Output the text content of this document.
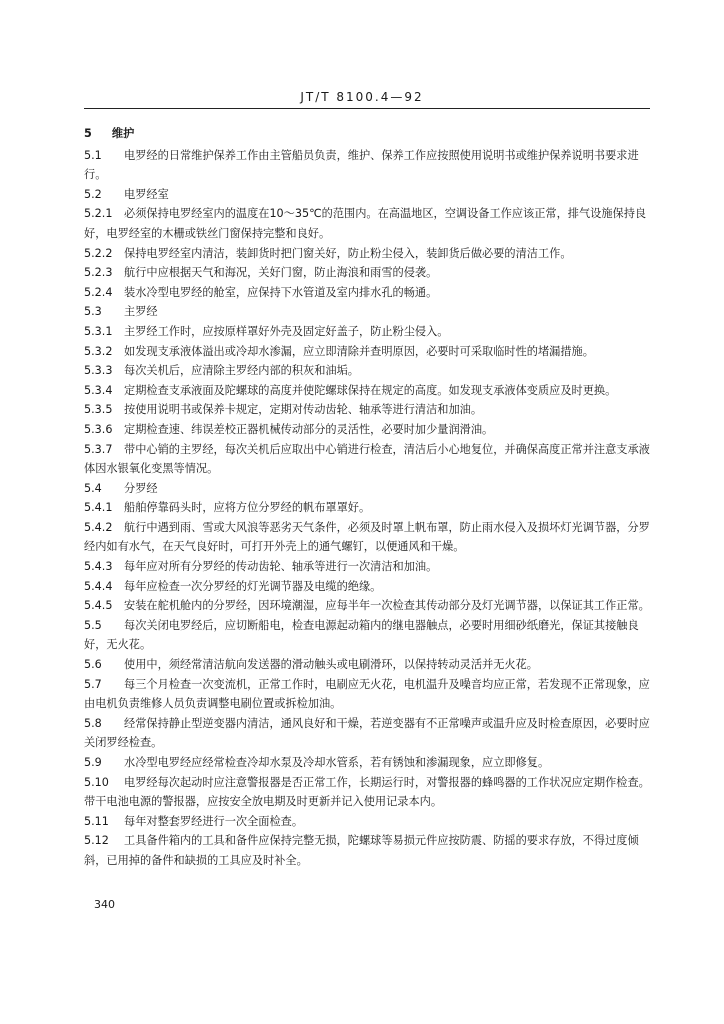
JT/T 8100.4—92
5 维护

5.1 电罗经的日常维护保养工作由主管船员负责，维护、保养工作应按照使用说明书或维护保养说明书要求进行。

5.2 电罗经室

5.2.1 必须保持电罗经室内的温度在10～35℃的范围内。在高温地区，空调设备工作应该正常，排气设施保持良好，电罗经室的木栅或铁丝门窗保持完整和良好。

5.2.2 保持电罗经室内清洁，装卸货时把门窗关好，防止粉尘侵入，装卸货后做必要的清洁工作。

5.2.3 航行中应根据天气和海况，关好门窗，防止海浪和雨雪的侵袭。

5.2.4 装水冷型电罗经的舱室，应保持下水管道及室内排水孔的畅通。

5.3 主罗经

5.3.1 主罗经工作时，应按原样罩好外壳及固定好盖子，防止粉尘侵入。

5.3.2 如发现支承液体溢出或冷却水渗漏，应立即清除并查明原因，必要时可采取临时性的堵漏措施。

5.3.3 每次关机后，应清除主罗经内部的积灰和油垢。

5.3.4 定期检查支承液面及陀螺球的高度并使陀螺球保持在规定的高度。如发现支承液体变质应及时更换。

5.3.5 按使用说明书或保养卡规定，定期对传动齿轮、轴承等进行清洁和加油。

5.3.6 定期检查速、纬误差校正器机械传动部分的灵活性，必要时加少量润滑油。

5.3.7 带中心销的主罗经，每次关机后应取出中心销进行检查，清洁后小心地复位，并确保高度正常并注意支承液体因水银氧化变黑等情况。

5.4 分罗经

5.4.1 船舶停靠码头时，应将方位分罗经的帆布罩罩好。

5.4.2 航行中遇到雨、雪或大风浪等恶劣天气条件，必须及时罩上帆布罩，防止雨水侵入及损坏灯光调节器，分罗经内如有水气，在天气良好时，可打开外壳上的通气螺钉，以便通风和干燥。

5.4.3 每年应对所有分罗经的传动齿轮、轴承等进行一次清洁和加油。

5.4.4 每年应检查一次分罗经的灯光调节器及电缆的绝缘。

5.4.5 安装在舵机舱内的分罗经，因环境潮湿，应每半年一次检查其传动部分及灯光调节器，以保证其工作正常。

5.5 每次关闭电罗经后，应切断船电，检查电源起动箱内的继电器触点，必要时用细砂纸磨光，保证其接触良好，无火花。

5.6 使用中，须经常清洁航向发送器的滑动触头或电刷滑环，以保持转动灵活并无火花。

5.7 每三个月检查一次变流机，正常工作时，电刷应无火花，电机温升及噪音均应正常，若发现不正常现象，应由电机负责维修人员负责调整电刷位置或拆检加油。

5.8 经常保持静止型逆变器内清洁，通风良好和干燥，若逆变器有不正常噪声或温升应及时检查原因，必要时应关闭罗经检查。

5.9 水冷型电罗经应经常检查冷却水泵及冷却水管系，若有锈蚀和渗漏现象，应立即修复。

5.10 电罗经每次起动时应注意警报器是否正常工作，长期运行时，对警报器的蜂鸣器的工作状况应定期作检查。带干电池电源的警报器，应按安全放电期及时更新并记入使用记录本内。

5.11 每年对整套罗经进行一次全面检查。

5.12 工具备件箱内的工具和备件应保持完整无损，陀螺球等易损元件应按防震、防摇的要求存放，不得过度倾斜，已用掉的备件和缺损的工具应及时补全。

340
